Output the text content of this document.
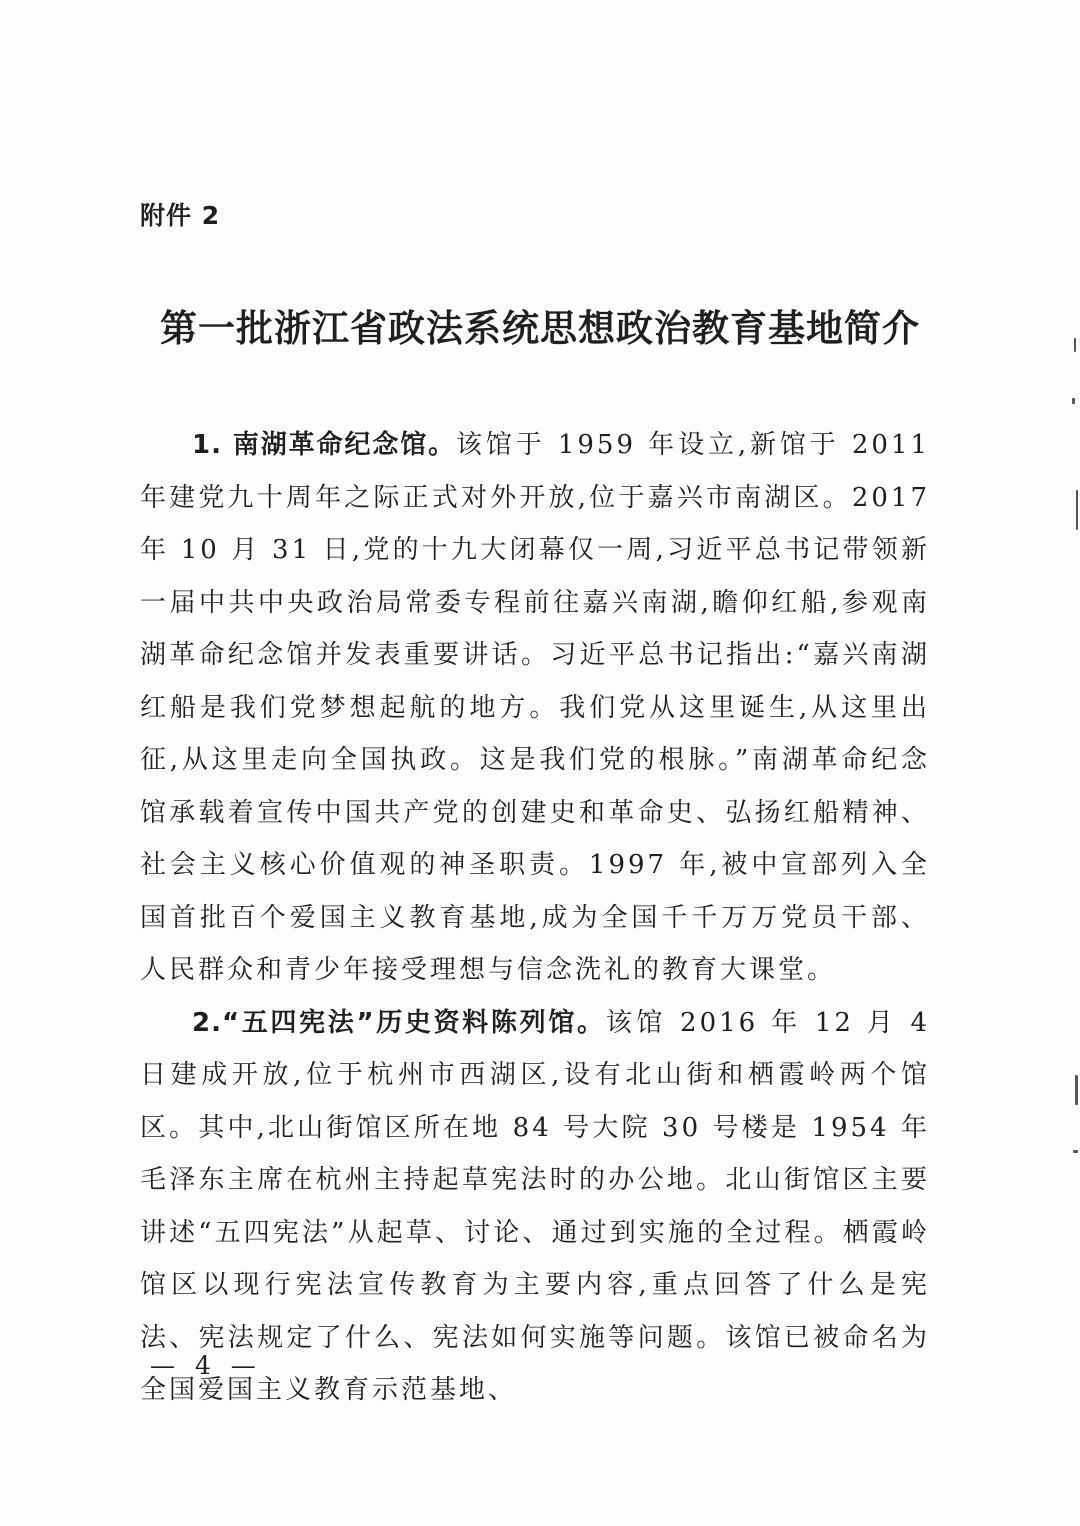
附件 2
第一批浙江省政法系统思想政治教育基地简介

1. 南湖革命纪念馆。该馆于 1959 年设立,新馆于 2011 年建党九十周年之际正式对外开放,位于嘉兴市南湖区。2017 年 10 月 31 日,党的十九大闭幕仅一周,习近平总书记带领新一届中共中央政治局常委专程前往嘉兴南湖,瞻仰红船,参观南湖革命纪念馆并发表重要讲话。习近平总书记指出:“嘉兴南湖红船是我们党梦想起航的地方。我们党从这里诞生,从这里出征,从这里走向全国执政。这是我们党的根脉。”南湖革命纪念馆承载着宣传中国共产党的创建史和革命史、弘扬红船精神、社会主义核心价值观的神圣职责。1997 年,被中宣部列入全国首批百个爱国主义教育基地,成为全国千千万万党员干部、人民群众和青少年接受理想与信念洗礼的教育大课堂。

2.“五四宪法”历史资料陈列馆。该馆 2016 年 12 月 4 日建成开放,位于杭州市西湖区,设有北山街和栖霞岭两个馆区。其中,北山街馆区所在地 84 号大院 30 号楼是 1954 年毛泽东主席在杭州主持起草宪法时的办公地。北山街馆区主要讲述“五四宪法”从起草、讨论、通过到实施的全过程。栖霞岭馆区以现行宪法宣传教育为主要内容,重点回答了什么是宪法、宪法规定了什么、宪法如何实施等问题。该馆已被命名为全国爱国主义教育示范基地、

— 4 —
